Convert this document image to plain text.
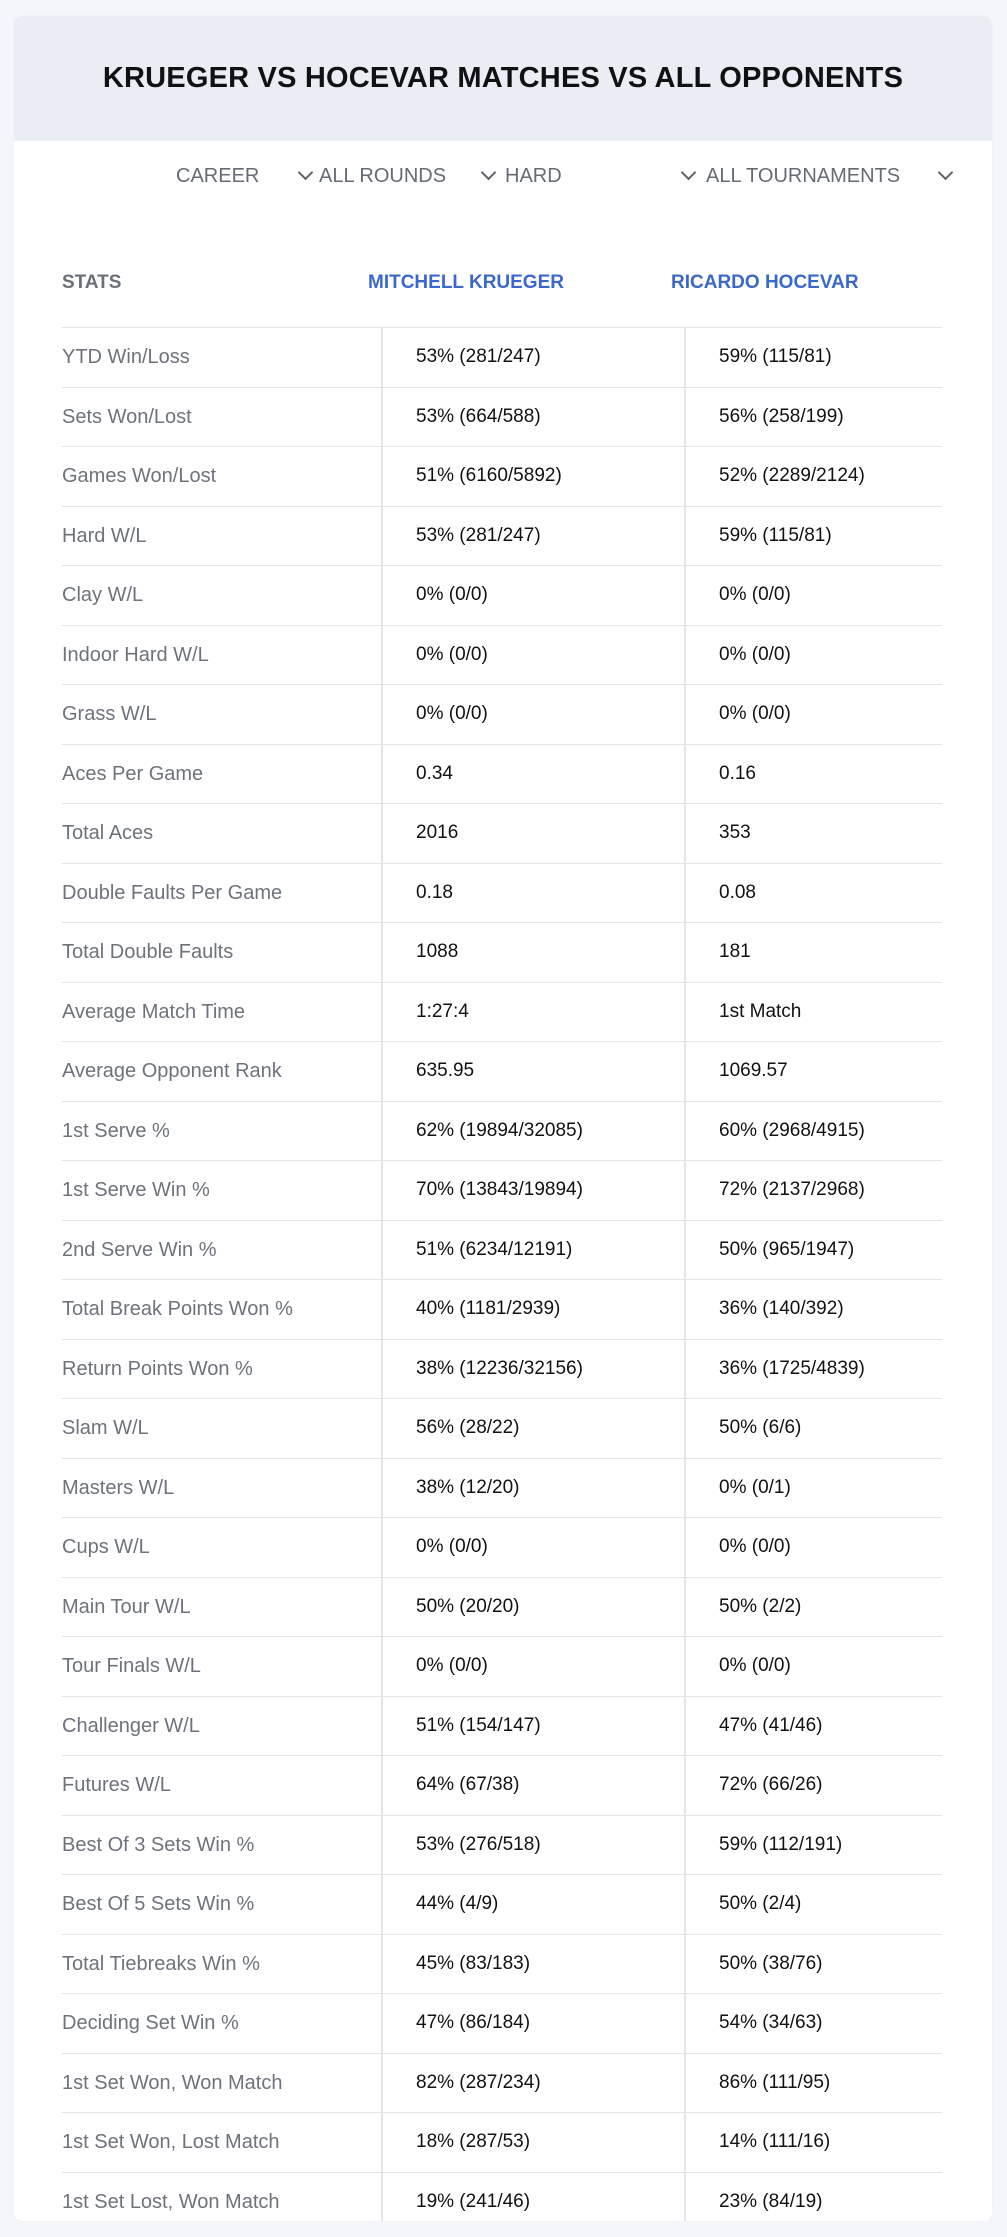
KRUEGER VS HOCEVAR MATCHES VS ALL OPPONENTS
CAREER	ALL ROUNDS	HARD	ALL TOURNAMENTS
STATS	MITCHELL KRUEGER	RICARDO HOCEVAR
YTD Win/Loss	53% (281/247)	59% (115/81)
Sets Won/Lost	53% (664/588)	56% (258/199)
Games Won/Lost	51% (6160/5892)	52% (2289/2124)
Hard W/L	53% (281/247)	59% (115/81)
Clay W/L	0% (0/0)	0% (0/0)
Indoor Hard W/L	0% (0/0)	0% (0/0)
Grass W/L	0% (0/0)	0% (0/0)
Aces Per Game	0.34	0.16
Total Aces	2016	353
Double Faults Per Game	0.18	0.08
Total Double Faults	1088	181
Average Match Time	1:27:4	1st Match
Average Opponent Rank	635.95	1069.57
1st Serve %	62% (19894/32085)	60% (2968/4915)
1st Serve Win %	70% (13843/19894)	72% (2137/2968)
2nd Serve Win %	51% (6234/12191)	50% (965/1947)
Total Break Points Won %	40% (1181/2939)	36% (140/392)
Return Points Won %	38% (12236/32156)	36% (1725/4839)
Slam W/L	56% (28/22)	50% (6/6)
Masters W/L	38% (12/20)	0% (0/1)
Cups W/L	0% (0/0)	0% (0/0)
Main Tour W/L	50% (20/20)	50% (2/2)
Tour Finals W/L	0% (0/0)	0% (0/0)
Challenger W/L	51% (154/147)	47% (41/46)
Futures W/L	64% (67/38)	72% (66/26)
Best Of 3 Sets Win %	53% (276/518)	59% (112/191)
Best Of 5 Sets Win %	44% (4/9)	50% (2/4)
Total Tiebreaks Win %	45% (83/183)	50% (38/76)
Deciding Set Win %	47% (86/184)	54% (34/63)
1st Set Won, Won Match	82% (287/234)	86% (111/95)
1st Set Won, Lost Match	18% (287/53)	14% (111/16)
1st Set Lost, Won Match	19% (241/46)	23% (84/19)
